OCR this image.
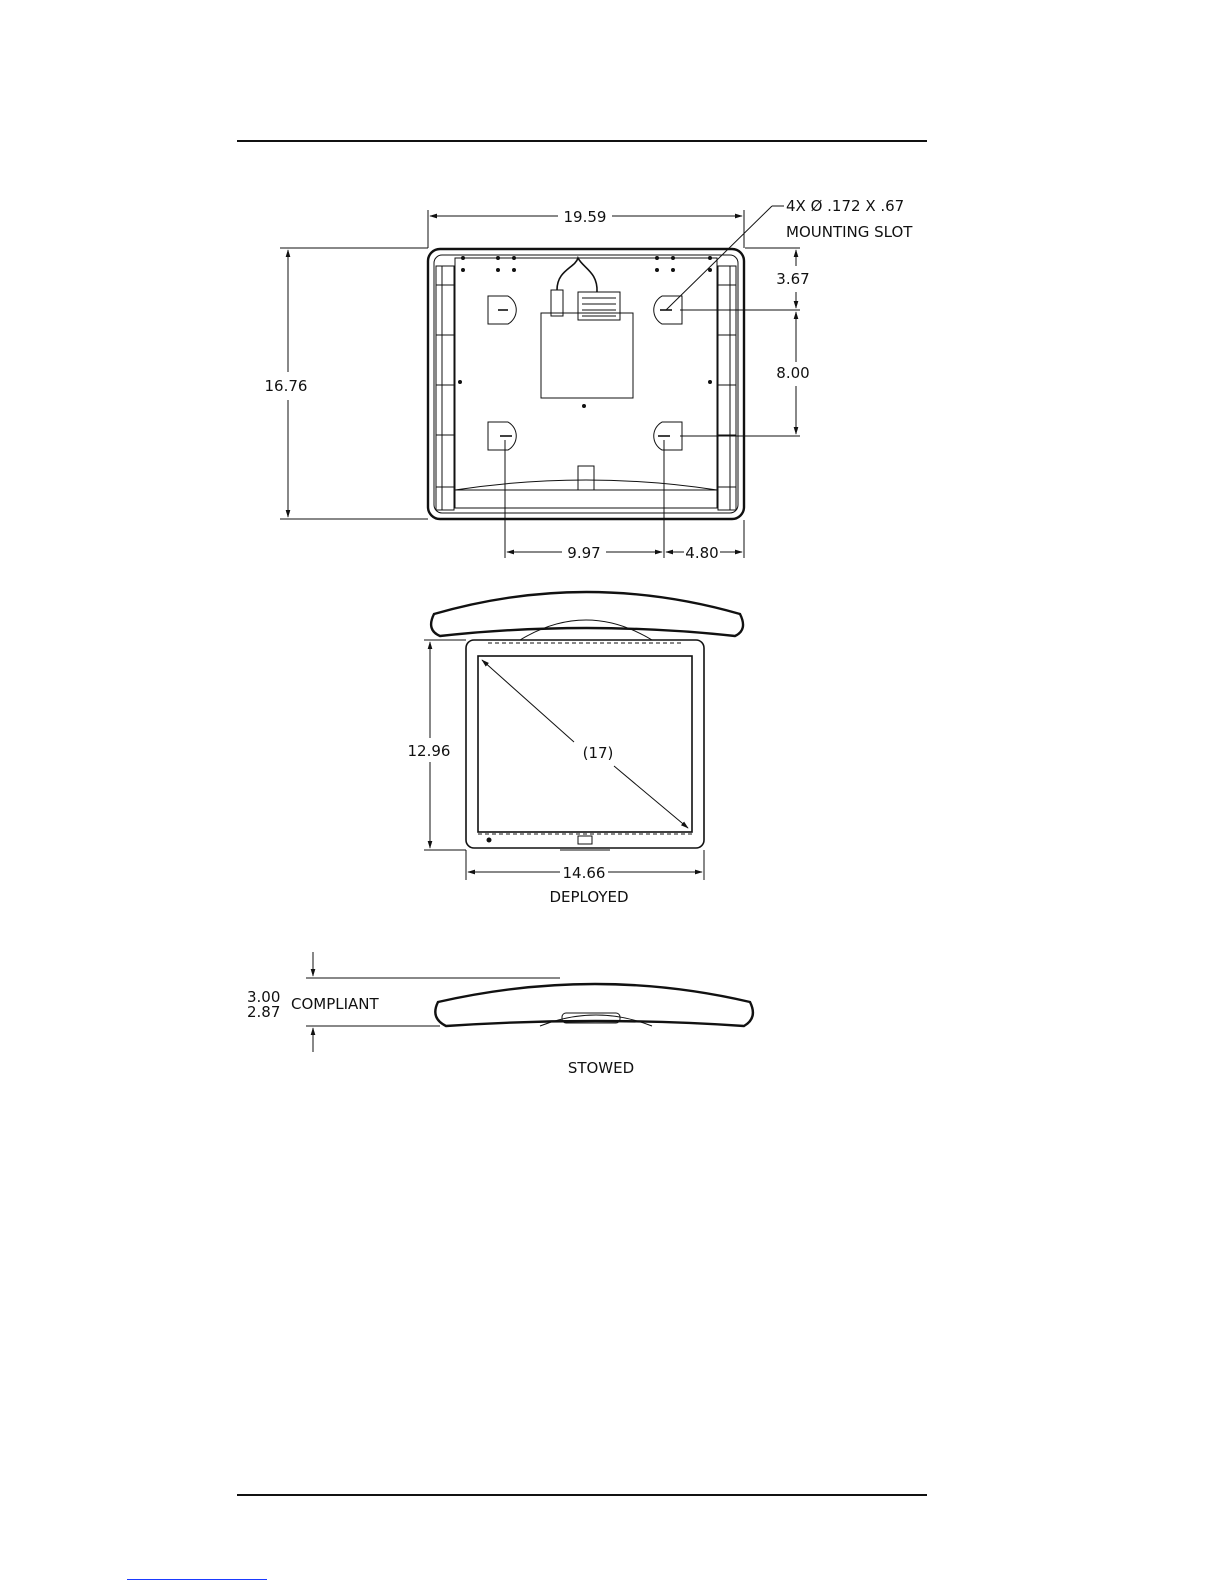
19.59
16.76
4X Ø .172 X .67
MOUNTING SLOT
3.67
8.00
9.97	4.80
(17)
12.96
14.66
DEPLOYED
3.00
2.87 COMPLIANT
STOWED
